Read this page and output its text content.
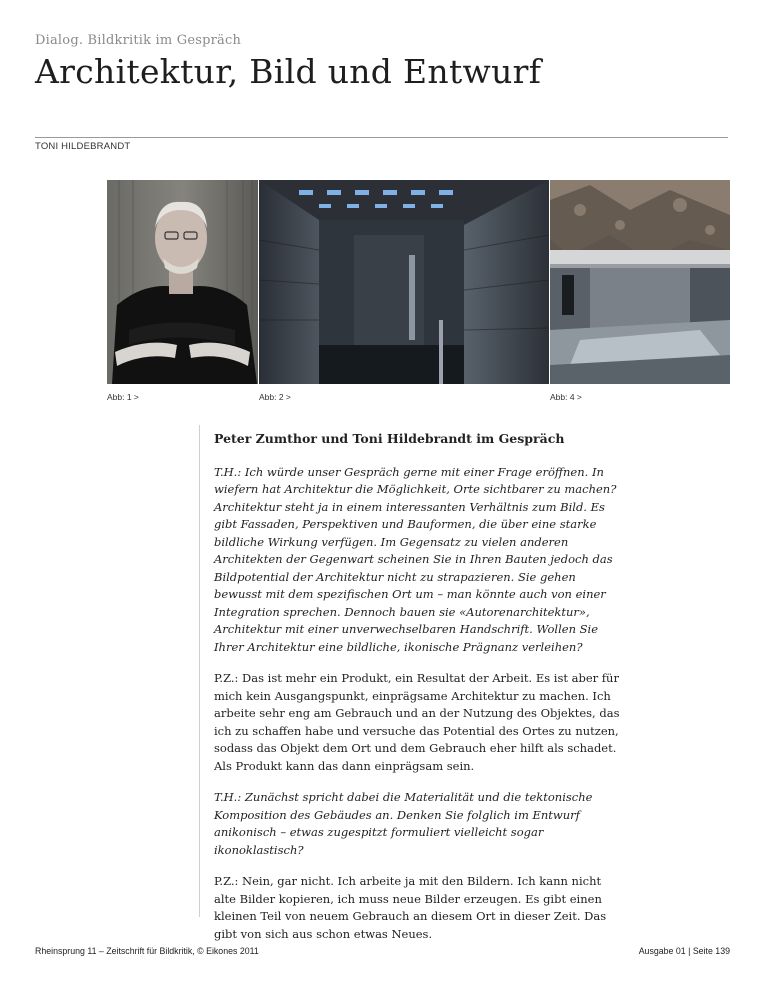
Dialog. Bildkritik im Gespräch
Architektur, Bild und Entwurf
TONI HILDEBRANDT
Abb: 1 >	Abb: 2 >	Abb: 4 >
Peter Zumthor und Toni Hildebrandt im Gespräch
T.H.: Ich würde unser Gespräch gerne mit einer Frage eröffnen. In
wiefern hat Architektur die Möglichkeit, Orte sichtbarer zu machen?
Architektur steht ja in einem interessanten Verhältnis zum Bild. Es
gibt Fassaden, Perspektiven und Bauformen, die über eine starke
bildliche Wirkung verfügen. Im Gegensatz zu vielen anderen
Architekten der Gegenwart scheinen Sie in Ihren Bauten jedoch das
Bildpotential der Architektur nicht zu strapazieren. Sie gehen
bewusst mit dem spezifischen Ort um – man könnte auch von einer
Integration sprechen. Dennoch bauen sie «Autorenarchitektur»,
Architektur mit einer unverwechselbaren Handschrift. Wollen Sie
Ihrer Architektur eine bildliche, ikonische Prägnanz verleihen?
P.Z.: Das ist mehr ein Produkt, ein Resultat der Arbeit. Es ist aber für
mich kein Ausgangspunkt, einprägsame Architektur zu machen. Ich
arbeite sehr eng am Gebrauch und an der Nutzung des Objektes, das
ich zu schaffen habe und versuche das Potential des Ortes zu nutzen,
sodass das Objekt dem Ort und dem Gebrauch eher hilft als schadet.
Als Produkt kann das dann einprägsam sein.
T.H.: Zunächst spricht dabei die Materialität und die tektonische
Komposition des Gebäudes an. Denken Sie folglich im Entwurf
anikonisch – etwas zugespitzt formuliert vielleicht sogar
ikonoklastisch?
P.Z.: Nein, gar nicht. Ich arbeite ja mit den Bildern. Ich kann nicht
alte Bilder kopieren, ich muss neue Bilder erzeugen. Es gibt einen
kleinen Teil von neuem Gebrauch an diesem Ort in dieser Zeit. Das
gibt von sich aus schon etwas Neues.
Rheinsprung 11 – Zeitschrift für Bildkritik, © Eikones 2011	Ausgabe 01 | Seite 139
